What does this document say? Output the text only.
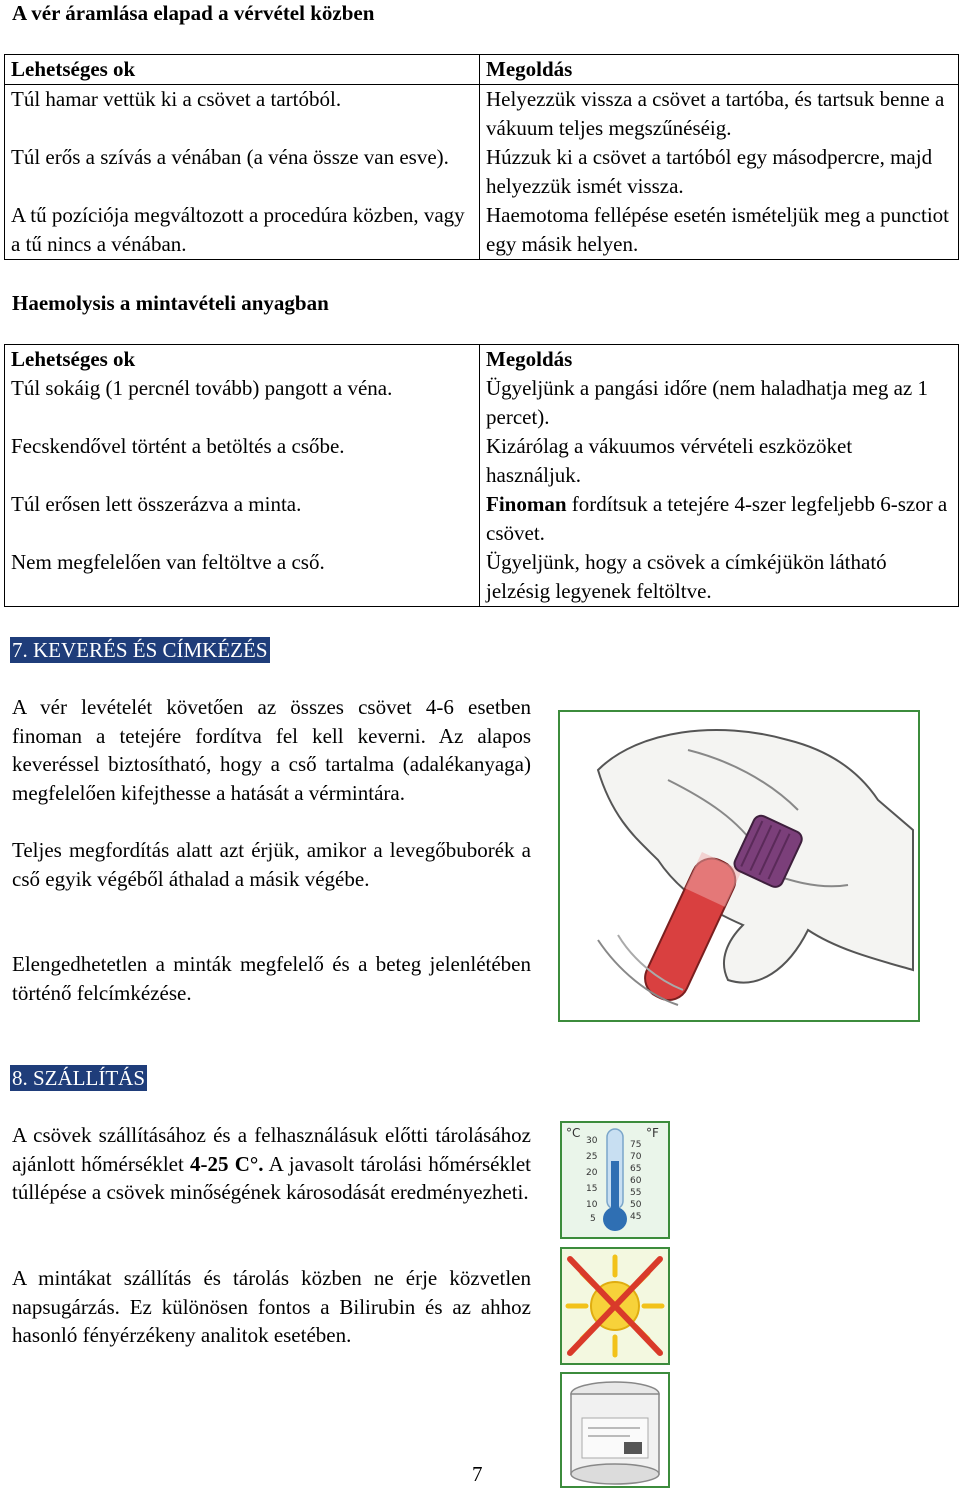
A vér áramlása elapad a vérvétel közben
Lehetséges ok	Megoldás
Túl hamar vettük ki a csövet a tartóból.	Helyezzük vissza a csövet a tartóba, és tartsuk benne a vákuum teljes megszűnéséig.
Túl erős a szívás a vénában (a véna össze van esve).	Húzzuk ki a csövet a tartóból egy másodpercre, majd helyezzük ismét vissza.
A tű pozíciója megváltozott a procedúra közben, vagy a tű nincs a vénában.	Haemotoma fellépése esetén ismételjük meg a punctiot egy másik helyen.
Haemolysis a mintavételi anyagban
Lehetséges ok	Megoldás
Túl sokáig (1 percnél tovább) pangott a véna.	Ügyeljünk a pangási időre (nem haladhatja meg az 1 percet).
Fecskendővel történt a betöltés a csőbe.	Kizárólag a vákuumos vérvételi eszközöket használjuk.
Túl erősen lett összerázva a minta.	Finoman fordítsuk a tetejére 4-szer legfeljebb 6-szor a csövet.
Nem megfelelően van feltöltve a cső.	Ügyeljünk, hogy a csövek a címkéjükön látható jelzésig legyenek feltöltve.
7. KEVERÉS ÉS CÍMKÉZÉS

A vér levételét követően az összes csövet 4-6 esetben finoman a tetejére fordítva fel kell keverni. Az alapos keveréssel biztosítható, hogy a cső tartalma (adalékanyaga) megfelelően kifejthesse a hatását a vérmintára.

Teljes megfordítás alatt azt érjük, amikor a levegőbuborék a cső egyik végéből áthalad a másik végébe.

Elengedhetetlen a minták megfelelő és a beteg jelenlétében történő felcímkézése.

8. SZÁLLÍTÁS

A csövek szállításához és a felhasználásuk előtti tárolásához ajánlott hőmérséklet 4-25 C°. A javasolt tárolási hőmérséklet túllépése a csövek minőségének károsodását eredményezheti.

A mintákat szállítás és tárolás közben ne érje közvetlen napsugárzás. Ez különösen fontos a Bilirubin és az ahhoz hasonló fényérzékeny analitok esetében.

°C	°F
30
25
20
15
10
5
75
70
65
60
55
50
45
7
